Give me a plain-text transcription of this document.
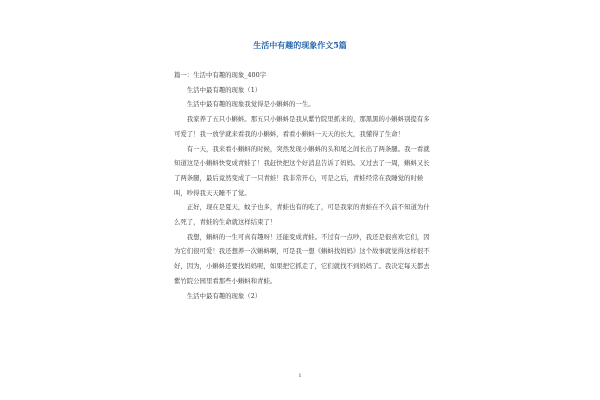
生活中有趣的现象作文5篇

篇一：生活中有趣的现象_400字

生活中最有趣的现象（1）

生活中最有趣的现象我觉得是小蝌蚪的一生。

我家养了五只小蝌蚪。那五只小蝌蚪是我从紫竹院里抓来的，那黑黑的小蝌蚪别提有多可爱了！我一放学就来看我的小蝌蚪，看看小蝌蚪一天天的长大，我懂得了生命！

有一天，我来看小蝌蚪的时候，突然发现小蝌蚪的头和尾之间长出了两条腿。我一看就知道这是小蝌蚪快变成青蛙了！我赶快把这个好消息告诉了妈妈。又过去了一周，蝌蚪又长了两条腿，最后竟然变成了一只青蛙！我非常开心，可是之后，青蛙经常在我睡觉的时候叫，吵得我天天睡不了觉。

正好，现在是夏天，蚊子也多，青蛙也有的吃了，可是我家的青蛙在不久前不知道为什么死了，青蛙的生命就这样结束了！

我想，蝌蚪的一生可真有趣呀！还能变成青蛙。不过有一点吵，我还是很喜欢它们，因为它们很可爱！我还想养一次蝌蚪啊，可是我一想《蝌蚪找妈妈》这个故事就觉得这样很不好，因为，小蝌蚪还要找妈妈呢，如果把它抓走了，它们就找不到妈妈了。我决定每天都去紫竹院公园里看那些小蝌蚪和青蛙。

生活中最有趣的现象（2）

1
